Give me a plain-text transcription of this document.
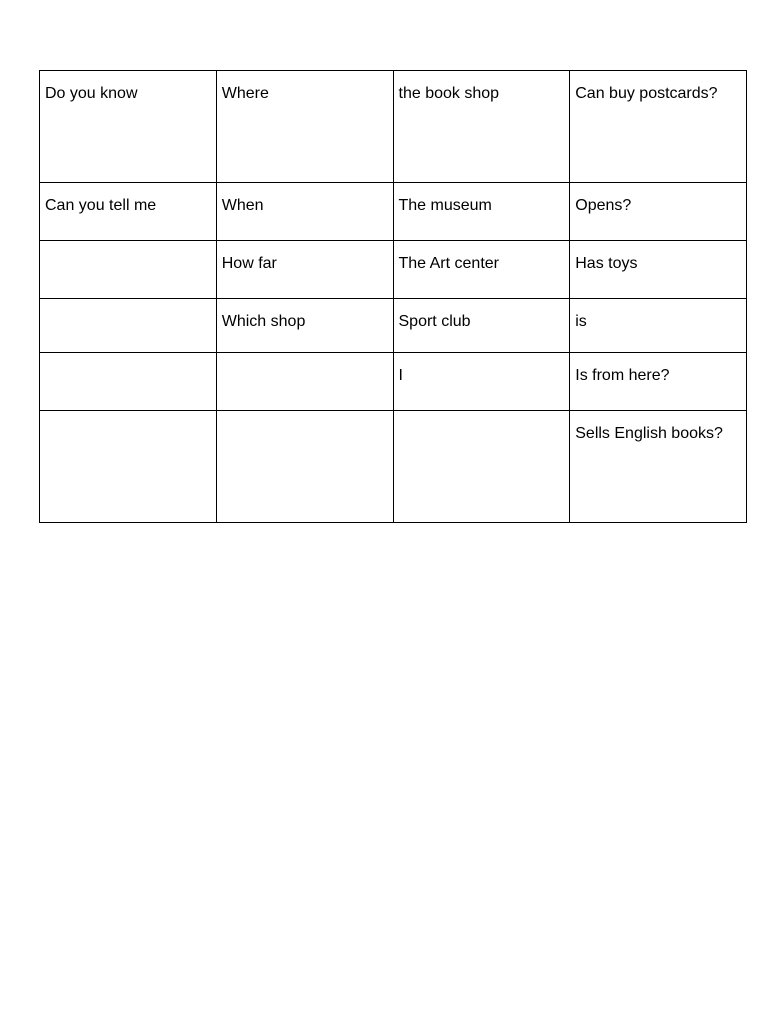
Do you know	Where	the book shop	Can buy postcards?
Can you tell me	When	The museum	Opens?
	How far	The Art center	Has toys
	Which shop	Sport club	is
		I	Is from here?
			Sells English books?
